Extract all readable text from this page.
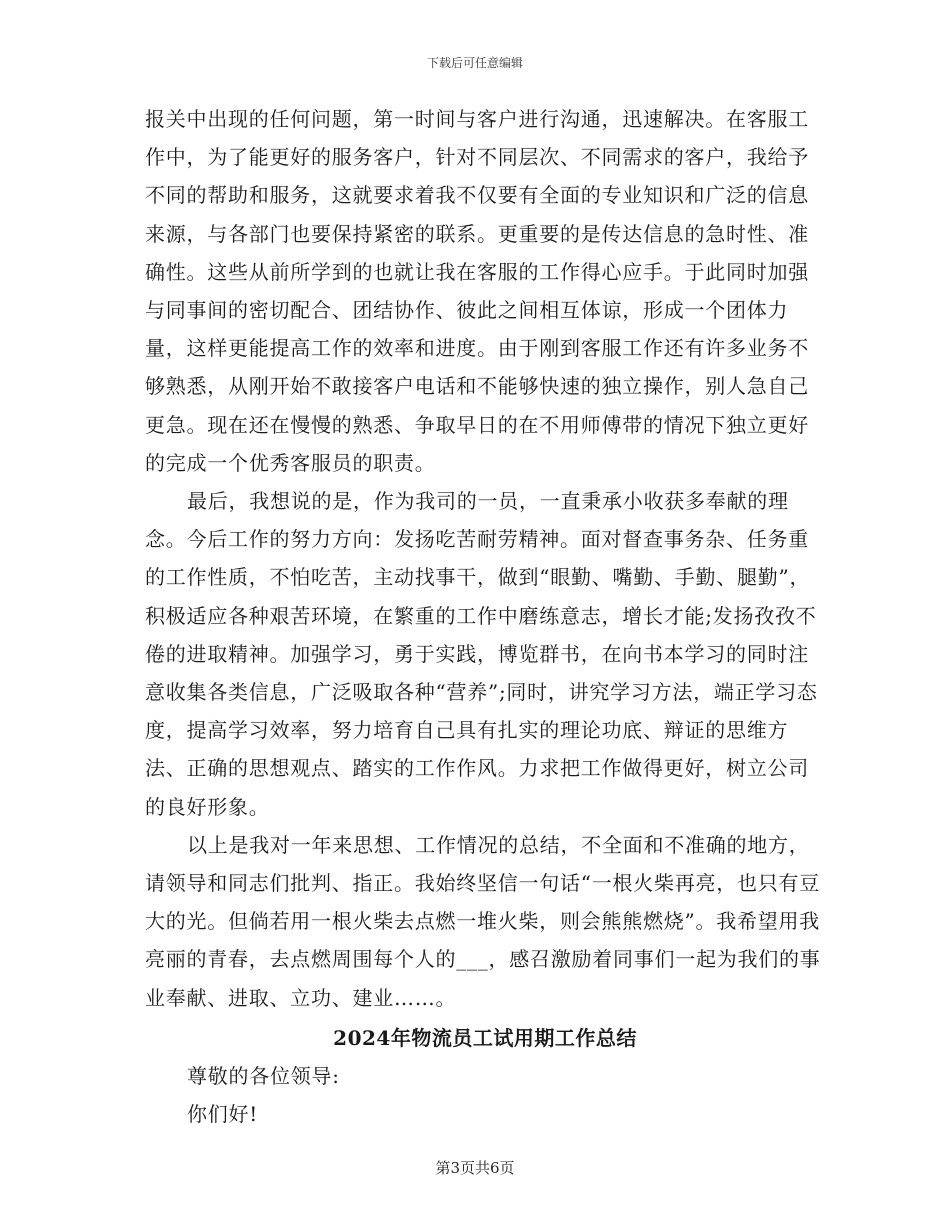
下载后可任意编辑

报关中出现的任何问题，第一时间与客户进行沟通，迅速解决。在客服工作中，为了能更好的服务客户，针对不同层次、不同需求的客户，我给予不同的帮助和服务，这就要求着我不仅要有全面的专业知识和广泛的信息来源，与各部门也要保持紧密的联系。更重要的是传达信息的急时性、准确性。这些从前所学到的也就让我在客服的工作得心应手。于此同时加强与同事间的密切配合、团结协作、彼此之间相互体谅，形成一个团体力量，这样更能提高工作的效率和进度。由于刚到客服工作还有许多业务不够熟悉，从刚开始不敢接客户电话和不能够快速的独立操作，别人急自己更急。现在还在慢慢的熟悉、争取早日的在不用师傅带的情况下独立更好的完成一个优秀客服员的职责。

最后，我想说的是，作为我司的一员，一直秉承小收获多奉献的理念。今后工作的努力方向：发扬吃苦耐劳精神。面对督查事务杂、任务重的工作性质，不怕吃苦，主动找事干，做到“眼勤、嘴勤、手勤、腿勤”，积极适应各种艰苦环境，在繁重的工作中磨练意志，增长才能;发扬孜孜不倦的进取精神。加强学习，勇于实践，博览群书，在向书本学习的同时注意收集各类信息，广泛吸取各种“营养”;同时，讲究学习方法，端正学习态度，提高学习效率，努力培育自己具有扎实的理论功底、辩证的思维方法、正确的思想观点、踏实的工作作风。力求把工作做得更好，树立公司的良好形象。

以上是我对一年来思想、工作情况的总结，不全面和不准确的地方，请领导和同志们批判、指正。我始终坚信一句话“一根火柴再亮，也只有豆大的光。但倘若用一根火柴去点燃一堆火柴，则会熊熊燃烧”。我希望用我亮丽的青春，去点燃周围每个人的___，感召激励着同事们一起为我们的事业奉献、进取、立功、建业……。

2024年物流员工试用期工作总结

尊敬的各位领导:

你们好!

第3页共6页
